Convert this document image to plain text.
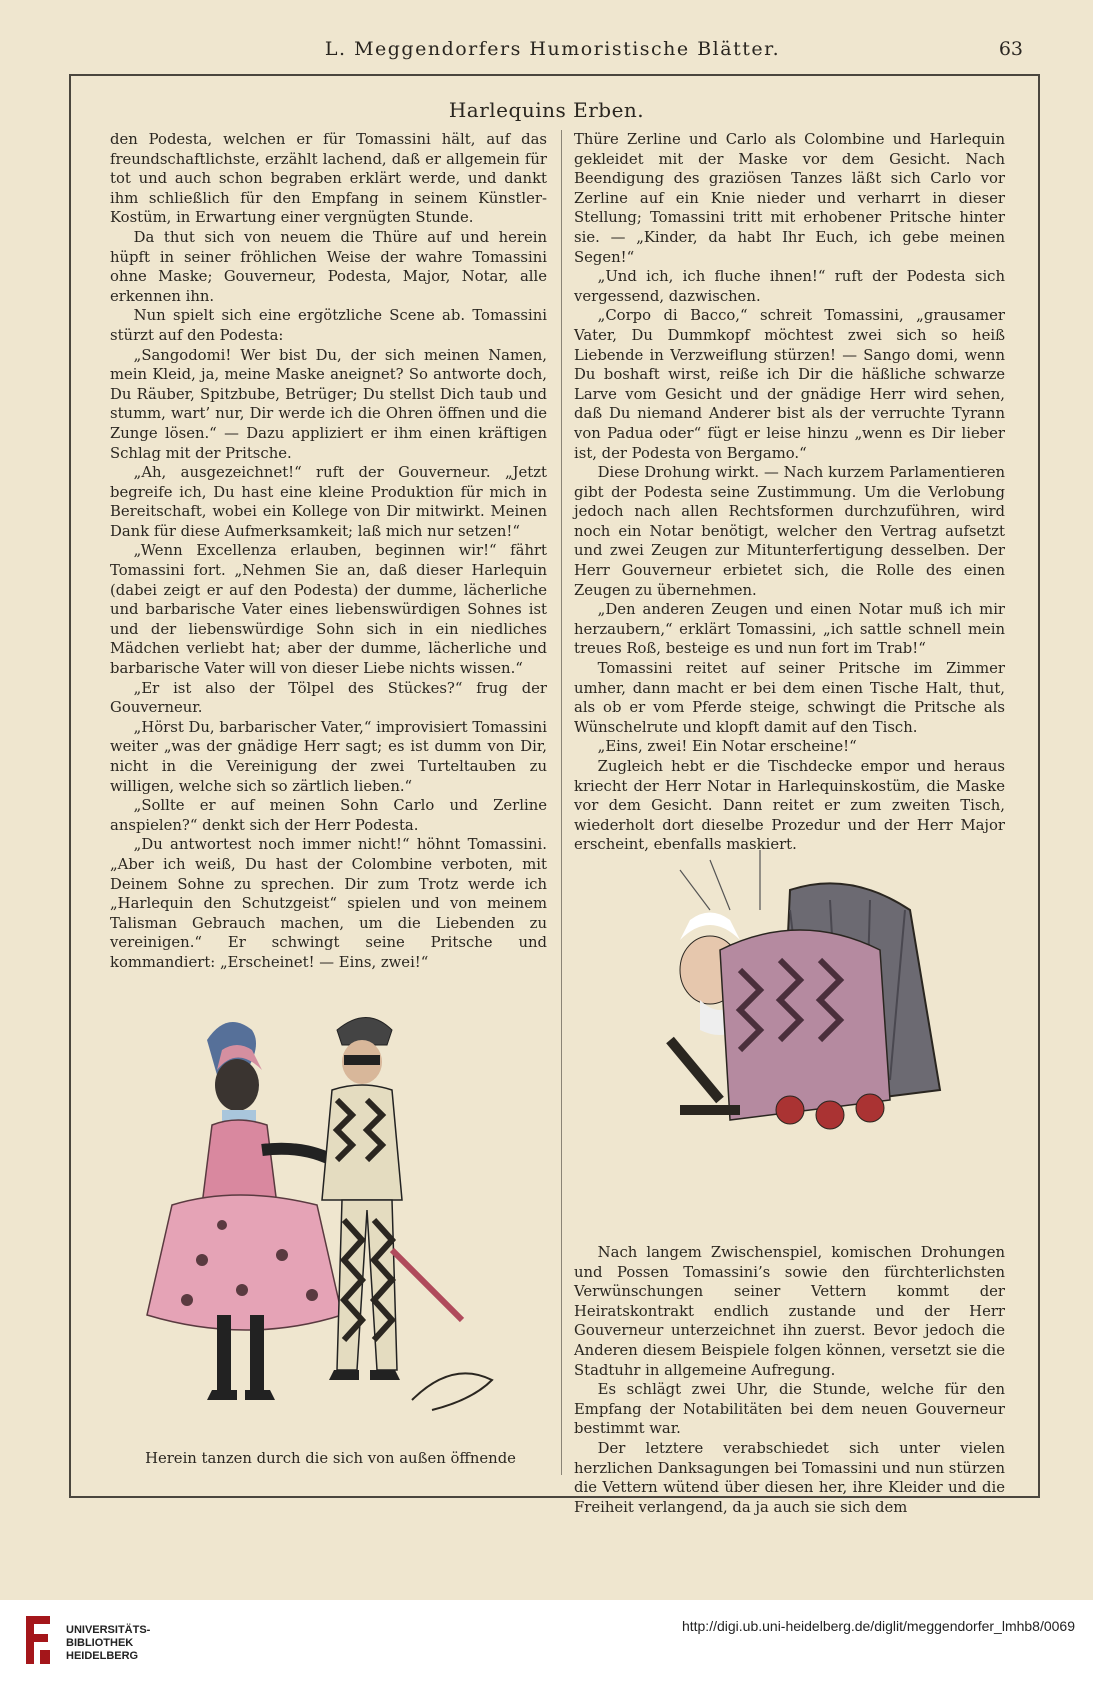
L. Meggendorfers Humoristische Blätter.	63
Harlequins Erben.

den Podesta, welchen er für Tomassini hält, auf das freundschaftlichste, erzählt lachend, daß er allgemein für tot und auch schon begraben erklärt werde, und dankt ihm schließlich für den Empfang in seinem Künstler-Kostüm, in Erwartung einer vergnügten Stunde.

Da thut sich von neuem die Thüre auf und herein hüpft in seiner fröhlichen Weise der wahre Tomassini ohne Maske; Gouverneur, Podesta, Major, Notar, alle erkennen ihn.

Nun spielt sich eine ergötzliche Scene ab. Tomassini stürzt auf den Podesta:

„Sangodomi! Wer bist Du, der sich meinen Namen, mein Kleid, ja, meine Maske aneignet? So antworte doch, Du Räuber, Spitzbube, Betrüger; Du stellst Dich taub und stumm, wart’ nur, Dir werde ich die Ohren öffnen und die Zunge lösen.“ — Dazu appliziert er ihm einen kräftigen Schlag mit der Pritsche.

„Ah, ausgezeichnet!“ ruft der Gouverneur. „Jetzt begreife ich, Du hast eine kleine Produktion für mich in Bereitschaft, wobei ein Kollege von Dir mitwirkt. Meinen Dank für diese Aufmerksamkeit; laß mich nur setzen!“

„Wenn Excellenza erlauben, beginnen wir!“ fährt Tomassini fort. „Nehmen Sie an, daß dieser Harlequin (dabei zeigt er auf den Podesta) der dumme, lächerliche und barbarische Vater eines liebenswürdigen Sohnes ist und der liebenswürdige Sohn sich in ein niedliches Mädchen verliebt hat; aber der dumme, lächerliche und barbarische Vater will von dieser Liebe nichts wissen.“

„Er ist also der Tölpel des Stückes?“ frug der Gouverneur.

„Hörst Du, barbarischer Vater,“ improvisiert Tomassini weiter „was der gnädige Herr sagt; es ist dumm von Dir, nicht in die Vereinigung der zwei Turteltauben zu willigen, welche sich so zärtlich lieben.“

„Sollte er auf meinen Sohn Carlo und Zerline anspielen?“ denkt sich der Herr Podesta.

„Du antwortest noch immer nicht!“ höhnt Tomassini. „Aber ich weiß, Du hast der Colombine verboten, mit Deinem Sohne zu sprechen. Dir zum Trotz werde ich „Harlequin den Schutzgeist“ spielen und von meinem Talisman Gebrauch machen, um die Liebenden zu vereinigen.“ Er schwingt seine Pritsche und kommandiert: „Erscheinet! — Eins, zwei!“

Thüre Zerline und Carlo als Colombine und Harlequin gekleidet mit der Maske vor dem Gesicht. Nach Beendigung des graziösen Tanzes läßt sich Carlo vor Zerline auf ein Knie nieder und verharrt in dieser Stellung; Tomassini tritt mit erhobener Pritsche hinter sie. — „Kinder, da habt Ihr Euch, ich gebe meinen Segen!“

„Und ich, ich fluche ihnen!“ ruft der Podesta sich vergessend, dazwischen.

„Corpo di Bacco,“ schreit Tomassini, „grausamer Vater, Du Dummkopf möchtest zwei sich so heiß Liebende in Verzweiflung stürzen! — Sango domi, wenn Du boshaft wirst, reiße ich Dir die häßliche schwarze Larve vom Gesicht und der gnädige Herr wird sehen, daß Du niemand Anderer bist als der verruchte Tyrann von Padua oder“ fügt er leise hinzu „wenn es Dir lieber ist, der Podesta von Bergamo.“

Diese Drohung wirkt. — Nach kurzem Parlamentieren gibt der Podesta seine Zustimmung. Um die Verlobung jedoch nach allen Rechtsformen durchzuführen, wird noch ein Notar benötigt, welcher den Vertrag aufsetzt und zwei Zeugen zur Mitunterfertigung desselben. Der Herr Gouverneur erbietet sich, die Rolle des einen Zeugen zu übernehmen.

„Den anderen Zeugen und einen Notar muß ich mir herzaubern,“ erklärt Tomassini, „ich sattle schnell mein treues Roß, besteige es und nun fort im Trab!“

Tomassini reitet auf seiner Pritsche im Zimmer umher, dann macht er bei dem einen Tische Halt, thut, als ob er vom Pferde steige, schwingt die Pritsche als Wünschelrute und klopft damit auf den Tisch.

„Eins, zwei! Ein Notar erscheine!“

Zugleich hebt er die Tischdecke empor und heraus kriecht der Herr Notar in Harlequinskostüm, die Maske vor dem Gesicht. Dann reitet er zum zweiten Tisch, wiederholt dort dieselbe Prozedur und der Herr Major erscheint, ebenfalls maskiert.

Herein tanzen durch die sich von außen öffnende

Nach langem Zwischenspiel, komischen Drohungen und Possen Tomassini’s sowie den fürchterlichsten Verwünschungen seiner Vettern kommt der Heiratskontrakt endlich zustande und der Herr Gouverneur unterzeichnet ihn zuerst. Bevor jedoch die Anderen diesem Beispiele folgen können, versetzt sie die Stadtuhr in allgemeine Aufregung.

Es schlägt zwei Uhr, die Stunde, welche für den Empfang der Notabilitäten bei dem neuen Gouverneur bestimmt war.

Der letztere verabschiedet sich unter vielen herzlichen Danksagungen bei Tomassini und nun stürzen die Vettern wütend über diesen her, ihre Kleider und die Freiheit verlangend, da ja auch sie sich dem

UNIVERSITÄTS-
BIBLIOTHEK
HEIDELBERG
http://digi.ub.uni-heidelberg.de/diglit/meggendorfer_lmhb8/0069
